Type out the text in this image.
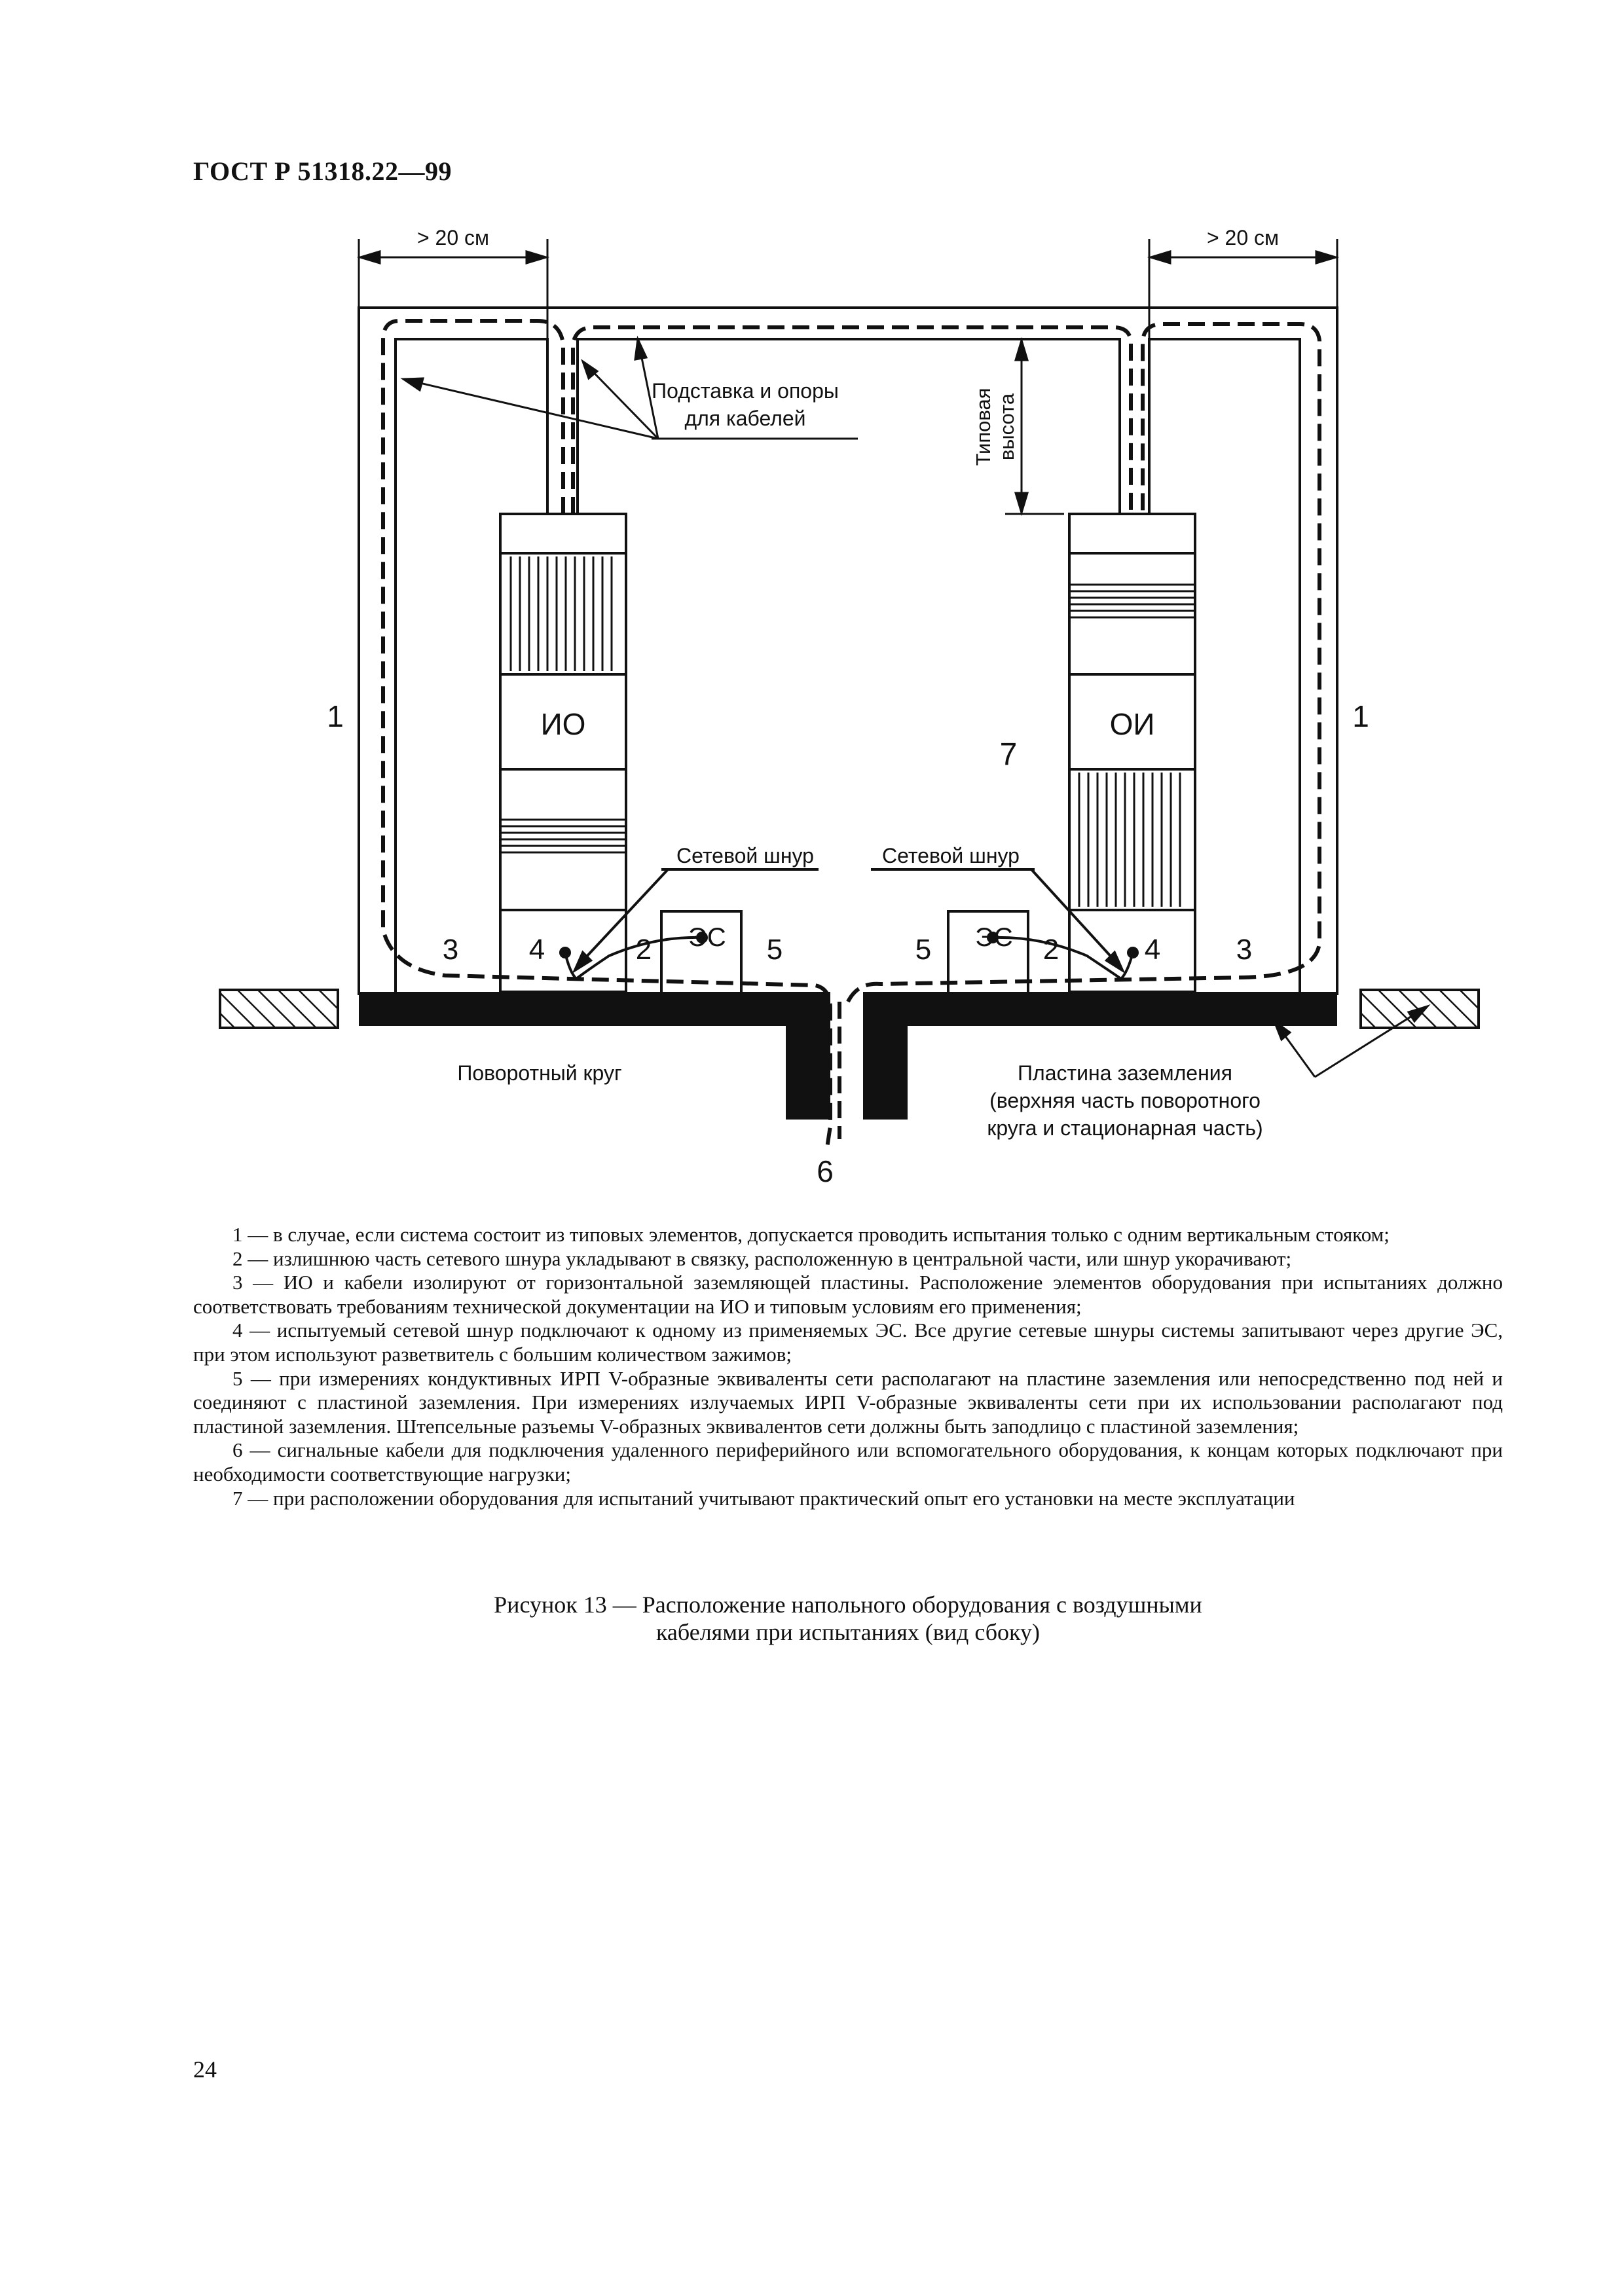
ГОСТ Р 51318.22—99
> 20 см	> 20 см
ИО	ОИ
Типовая высота
Подставка и опоры
для кабелей
ЭС	ЭС
Сетевой шнур	Сетевой шнур
1	1
3 4	2	5	5	2	4	3
7
6
Поворотный круг	Пластина заземления
(верхняя часть поворотного
круга и стационарная часть)

1 — в случае, если система состоит из типовых элементов, допускается проводить испытания только с одним вертикальным стояком;

2 — излишнюю часть сетевого шнура укладывают в связку, расположенную в центральной части, или шнур укорачивают;

3 — ИО и кабели изолируют от горизонтальной заземляющей пластины. Расположение элементов оборудования при испытаниях должно соответствовать требованиям технической документации на ИО и типовым условиям его применения;

4 — испытуемый сетевой шнур подключают к одному из применяемых ЭС. Все другие сетевые шнуры системы запитывают через другие ЭС, при этом используют разветвитель с большим количеством зажимов;

5 — при измерениях кондуктивных ИРП V-образные эквиваленты сети располагают на пластине заземления или непосредственно под ней и соединяют с пластиной заземления. При измерениях излучаемых ИРП V-образные эквиваленты сети при их использовании располагают под пластиной заземления. Штепсельные разъемы V-образных эквивалентов сети должны быть заподлицо с пластиной заземления;

6 — сигнальные кабели для подключения удаленного периферийного или вспомогательного оборудования, к концам которых подключают при необходимости соответствующие нагрузки;

7 — при расположении оборудования для испытаний учитывают практический опыт его установки на месте эксплуатации

Рисунок 13 — Расположение напольного оборудования с воздушными
кабелями при испытаниях (вид сбоку)
24
